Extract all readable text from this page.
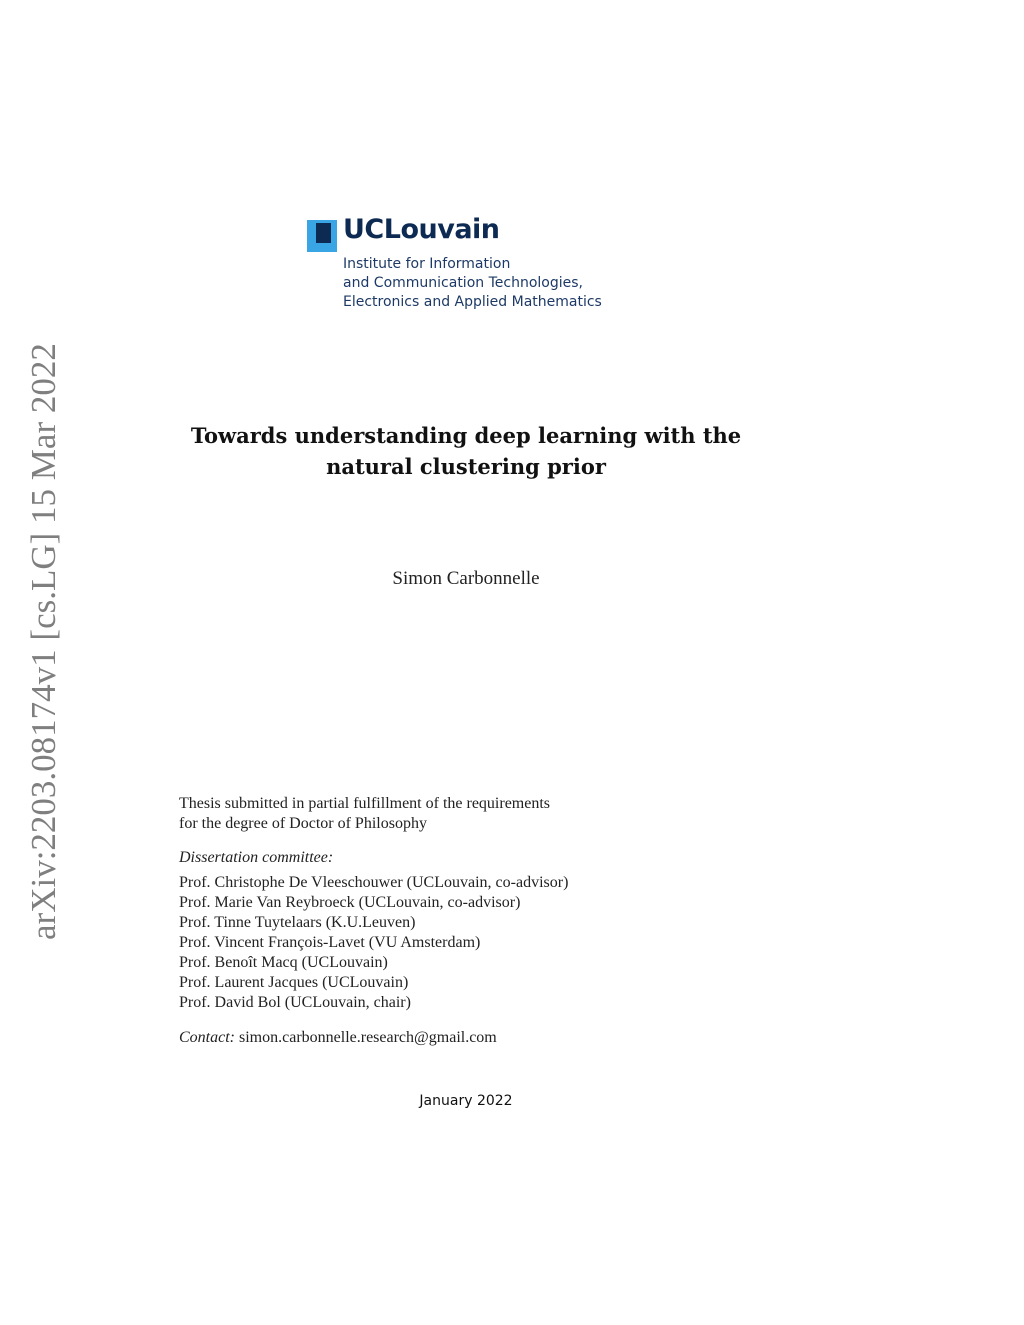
arXiv:2203.08174v1 [cs.LG] 15 Mar 2022
UCLouvain
Institute for Information
and Communication Technologies,
Electronics and Applied Mathematics
Towards understanding deep learning with the
natural clustering prior
Simon Carbonnelle
Thesis submitted in partial fulfillment of the requirements
for the degree of Doctor of Philosophy
Dissertation committee:
Prof. Christophe De Vleeschouwer (UCLouvain, co-advisor)
Prof. Marie Van Reybroeck (UCLouvain, co-advisor)
Prof. Tinne Tuytelaars (K.U.Leuven)
Prof. Vincent François-Lavet (VU Amsterdam)
Prof. Benoît Macq (UCLouvain)
Prof. Laurent Jacques (UCLouvain)
Prof. David Bol (UCLouvain, chair)
Contact: simon.carbonnelle.research@gmail.com
January 2022
